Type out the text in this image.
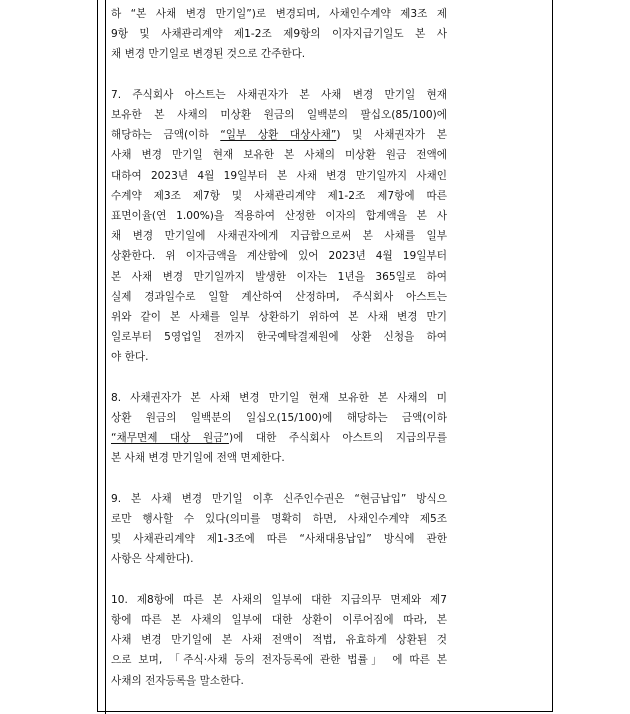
하 “본 사채 변경 만기일”)로 변경되며, 사채인수계약 제3조 제
9항 및 사채관리계약 제1-2조 제9항의 이자지급기일도 본 사
채 변경 만기일로 변경된 것으로 간주한다.
7. 주식회사 아스트는 사채권자가 본 사채 변경 만기일 현재
보유한 본 사채의 미상환 원금의 일백분의 팔십오(85/100)에
해당하는 금액(이하 “일부 상환 대상사채”) 및 사채권자가 본
사채 변경 만기일 현재 보유한 본 사채의 미상환 원금 전액에
대하여 2023년 4월 19일부터 본 사채 변경 만기일까지 사채인
수계약 제3조 제7항 및 사채관리계약 제1-2조 제7항에 따른
표면이율(연 1.00%)을 적용하여 산정한 이자의 합계액을 본 사
채 변경 만기일에 사채권자에게 지급함으로써 본 사채를 일부
상환한다. 위 이자금액을 계산함에 있어 2023년 4월 19일부터
본 사채 변경 만기일까지 발생한 이자는 1년을 365일로 하여
실제 경과일수로 일할 계산하여 산정하며, 주식회사 아스트는
위와 같이 본 사채를 일부 상환하기 위하여 본 사채 변경 만기
일로부터 5영업일 전까지 한국예탁결제원에 상환 신청을 하여
야 한다.
8. 사채권자가 본 사채 변경 만기일 현재 보유한 본 사채의 미
상환 원금의 일백분의 일십오(15/100)에 해당하는 금액(이하
“채무면제 대상 원금”)에 대한 주식회사 아스트의 지급의무를
본 사채 변경 만기일에 전액 면제한다.
9. 본 사채 변경 만기일 이후 신주인수권은 “현금납입” 방식으
로만 행사할 수 있다(의미를 명확히 하면, 사채인수계약 제5조
및 사채관리계약 제1-3조에 따른 “사채대용납입” 방식에 관한
사항은 삭제한다).
10. 제8항에 따른 본 사채의 일부에 대한 지급의무 면제와 제7
항에 따른 본 사채의 일부에 대한 상환이 이루어짐에 따라, 본
사채 변경 만기일에 본 사채 전액이 적법, 유효하게 상환된 것
으로 보며, 「주식·사채 등의 전자등록에 관한 법률」 에 따른 본
사채의 전자등록을 말소한다.
